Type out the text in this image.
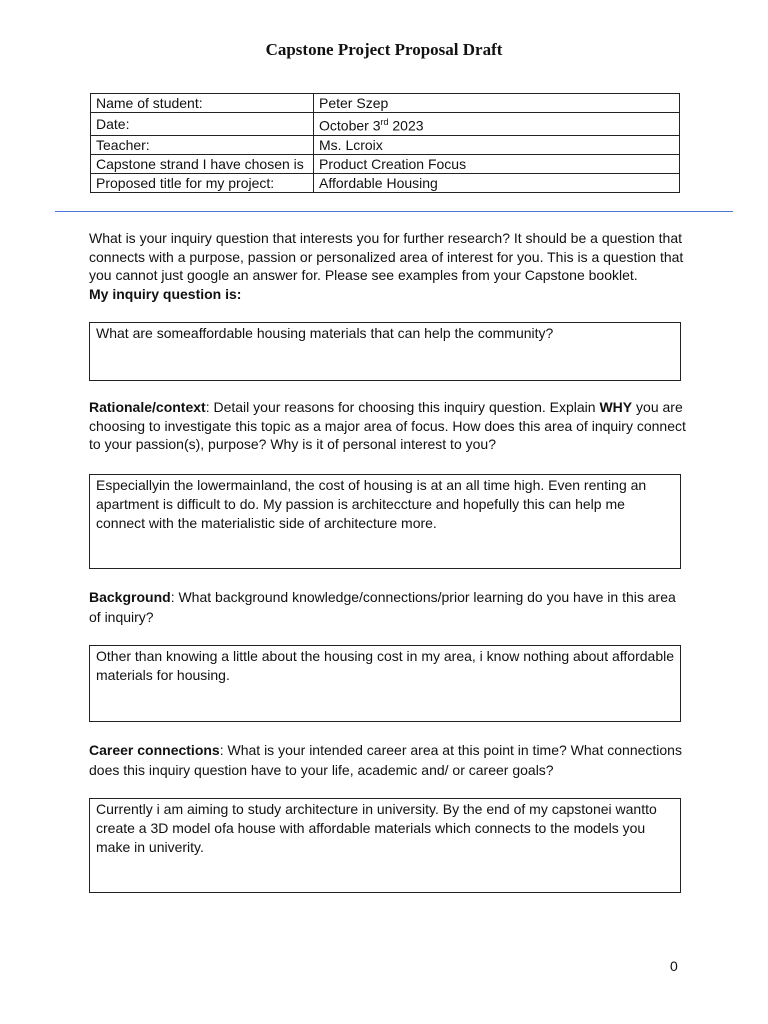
Capstone Project Proposal Draft
Name of student:	Peter Szep
Date:	October 3rd 2023
Teacher:	Ms. Lcroix
Capstone strand I have chosen is	Product Creation Focus
Proposed title for my project:	Affordable Housing
What is your inquiry question that interests you for further research? It should be a question that connects with a purpose, passion or personalized area of interest for you. This is a question that you cannot just google an answer for. Please see examples from your Capstone booklet.
My inquiry question is:
What are someaffordable housing materials that can help the community?
Rationale/context: Detail your reasons for choosing this inquiry question. Explain WHY you are choosing to investigate this topic as a major area of focus. How does this area of inquiry connect to your passion(s), purpose? Why is it of personal interest to you?
Especiallyin the lowermainland, the cost of housing is at an all time high. Even renting an apartment is difficult to do. My passion is architeccture and hopefully this can help me connect with the materialistic side of architecture more.
Background: What background knowledge/connections/prior learning do you have in this area of inquiry?
Other than knowing a little about the housing cost in my area, i know nothing about affordable materials for housing.
Career connections: What is your intended career area at this point in time? What connections does this inquiry question have to your life, academic and/ or career goals?
Currently i am aiming to study architecture in university. By the end of my capstonei wantto create a 3D model ofa house with affordable materials which connects to the models you make in univerity.
0
